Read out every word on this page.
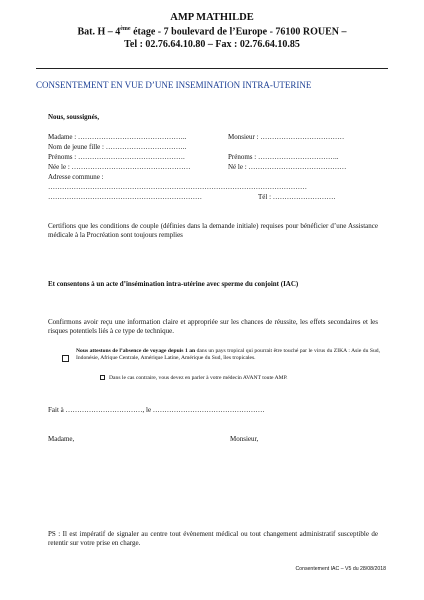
AMP MATHILDE
Bat. H – 4ème étage - 7 boulevard de l’Europe - 76100 ROUEN –
Tel : 02.76.64.10.80 – Fax : 02.76.64.10.85
CONSENTEMENT EN VUE D’UNE INSEMINATION INTRA-UTERINE
Nous, soussignés,
Madame : ………………………………………..	Monsieur : ………………………………
Nom de jeune fille : ……………………………..
Prénoms : ……………………………………….	Prénoms : ……………………………..
Née le : ……………………………………………	Né le : ……………………………………
Adresse commune :
…………………………………………………………………………………………………
…………………………………………………………	Tél : ………………………
Certifions que les conditions de couple (définies dans la demande initiale) requises pour bénéficier d’une Assistance médicale à la Procréation sont toujours remplies
Et consentons à un acte d’insémination intra-utérine avec sperme du conjoint (IAC)
Confirmons avoir reçu une information claire et appropriée sur les chances de réussite, les effets secondaires et les risques potentiels liés à ce type de technique.
Nous attestons de l’absence de voyage depuis 1 an dans un pays tropical qui pourrait être touché par le virus du ZIKA : Asie du Sud, Indonésie, Afrique Centrale, Amérique Latine, Amérique du Sud, îles tropicales.
Dans le cas contraire, vous devez en parler à votre médecin AVANT toute AMP.
Fait à ……………………………, le …………………………………………
Madame,	Monsieur,
PS : Il est impératif de signaler au centre tout évènement médical ou tout changement administratif susceptible de retentir sur votre prise en charge.
Consentement IAC – V5 du 28/08/2018
